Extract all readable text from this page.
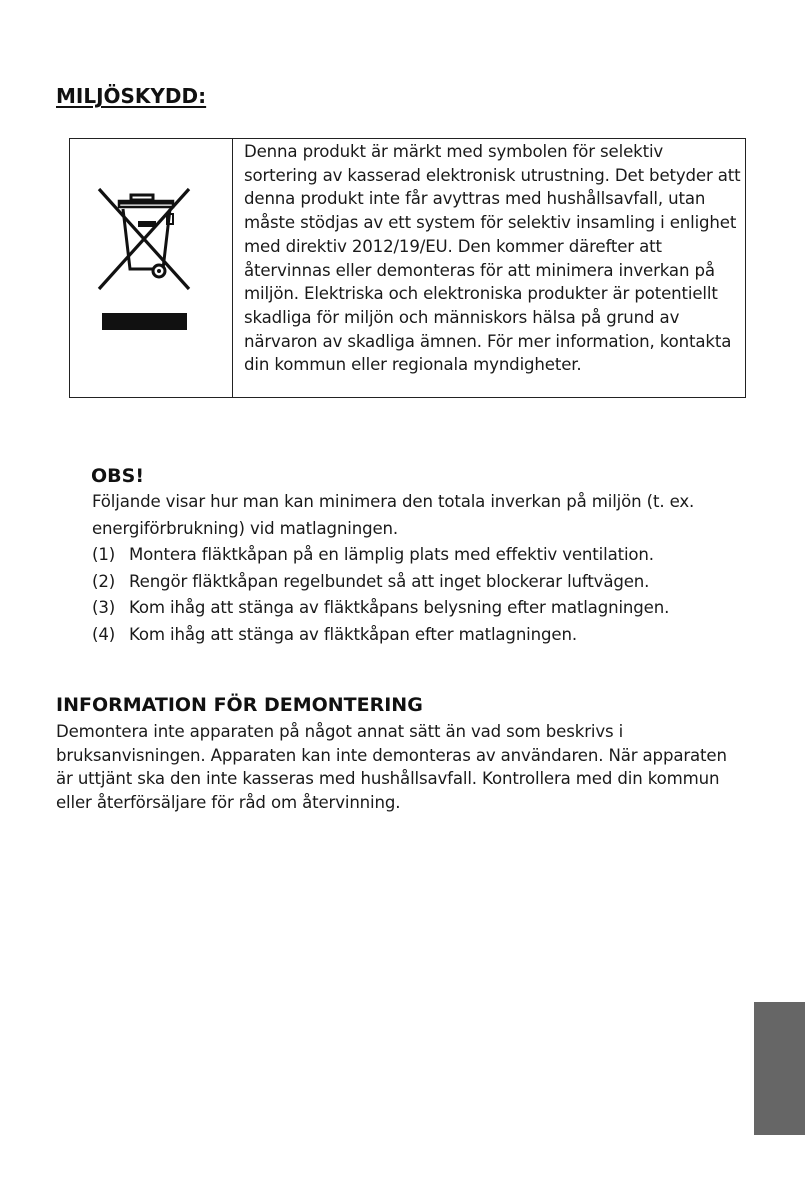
MILJÖSKYDD:
Denna produkt är märkt med symbolen för selektiv sortering av kasserad elektronisk utrustning. Det betyder att denna produkt inte får avyttras med hushållsavfall, utan måste stödjas av ett system för selektiv insamling i enlighet med direktiv 2012/19/EU. Den kommer därefter att återvinnas eller demonteras för att minimera inverkan på miljön. Elektriska och elektroniska produkter är potentiellt skadliga för miljön och människors hälsa på grund av närvaron av skadliga ämnen. För mer information, kontakta din kommun eller regionala myndigheter.
OBS!
Följande visar hur man kan minimera den totala inverkan på miljön (t. ex. energiförbrukning) vid matlagningen.
(1) Montera fläktkåpan på en lämplig plats med effektiv ventilation.
(2) Rengör fläktkåpan regelbundet så att inget blockerar luftvägen.
(3) Kom ihåg att stänga av fläktkåpans belysning efter matlagningen.
(4) Kom ihåg att stänga av fläktkåpan efter matlagningen.
INFORMATION FÖR DEMONTERING

Demontera inte apparaten på något annat sätt än vad som beskrivs i bruksanvisningen. Apparaten kan inte demonteras av användaren. När apparaten är uttjänt ska den inte kasseras med hushållsavfall. Kontrollera med din kommun eller återförsäljare för råd om återvinning.
